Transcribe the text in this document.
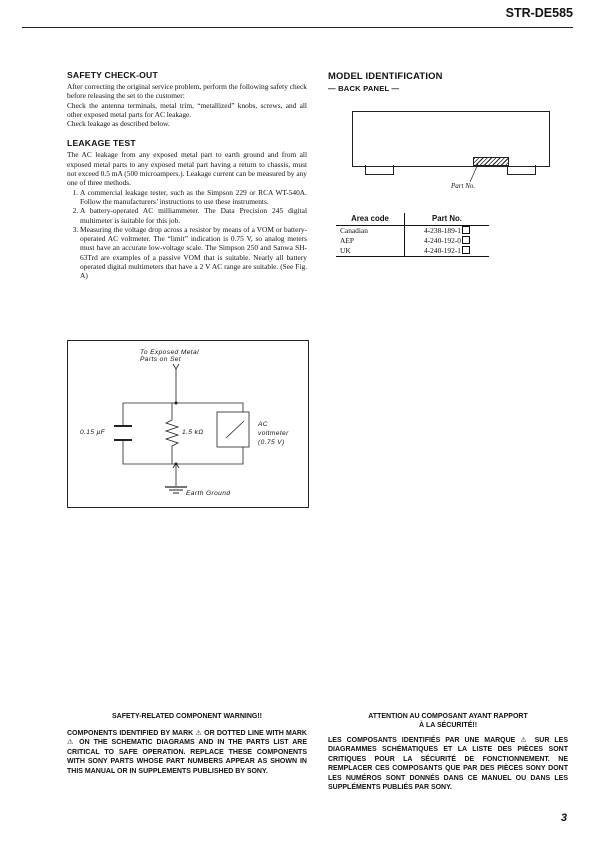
STR-DE585
SAFETY CHECK-OUT

After correcting the original service problem, perform the following safety check before releasing the set to the customer:

Check the antenna terminals, metal trim, “metallized” knobs, screws, and all other exposed metal parts for AC leakage.

Check leakage as described below.

LEAKAGE TEST

The AC leakage from any exposed metal part to earth ground and from all exposed metal parts to any exposed metal part having a return to chassis, must not exceed 0.5 mA (500 microampers.). Leakage current can be measured by any one of three methods.

1. A commercial leakage tester, such as the Simpson 229 or RCA WT-540A. Follow the manufacturers’ instructions to use these instruments.
2. A battery-operated AC milliammeter. The Data Precision 245 digital multimeter is suitable for this job.
3. Measuring the voltage drop across a resistor by means of a VOM or battery-operated AC voltmeter. The “limit” indication is 0.75 V, so analog meters must have an accurate low-voltage scale. The Simpson 250 and Sanwa SH-63Trd are examples of a passive VOM that is suitable. Nearly all battery operated digital multimeters that have a 2 V AC range are suitable. (See Fig. A)
To Exposed Metal
Parts on Set
0.15 μF	1.5 kΩ
AC
voltmeter
(0.75 V)
Earth Ground
MODEL IDENTIFICATION
— BACK PANEL —
Part No.
Area code	Part No.
Canadian	4-238-189-1
AEP	4-240-192-0
UK	4-240-192-1
SAFETY-RELATED COMPONENT WARNING!!
COMPONENTS IDENTIFIED BY MARK ⚠ OR DOTTED LINE WITH MARK ⚠ ON THE SCHEMATIC DIAGRAMS AND IN THE PARTS LIST ARE CRITICAL TO SAFE OPERATION. REPLACE THESE COMPONENTS WITH SONY PARTS WHOSE PART NUMBERS APPEAR AS SHOWN IN THIS MANUAL OR IN SUPPLEMENTS PUBLISHED BY SONY.
ATTENTION AU COMPOSANT AYANT RAPPORT
À LA SÉCURITÉ!!
LES COMPOSANTS IDENTIFIÉS PAR UNE MARQUE ⚠ SUR LES DIAGRAMMES SCHÉMATIQUES ET LA LISTE DES PIÈCES SONT CRITIQUES POUR LA SÉCURITÉ DE FONCTIONNEMENT. NE REMPLACER CES COMPOSANTS QUE PAR DES PIÈCES SONY DONT LES NUMÉROS SONT DONNÉS DANS CE MANUEL OU DANS LES SUPPLÉMENTS PUBLIÉS PAR SONY.
3
